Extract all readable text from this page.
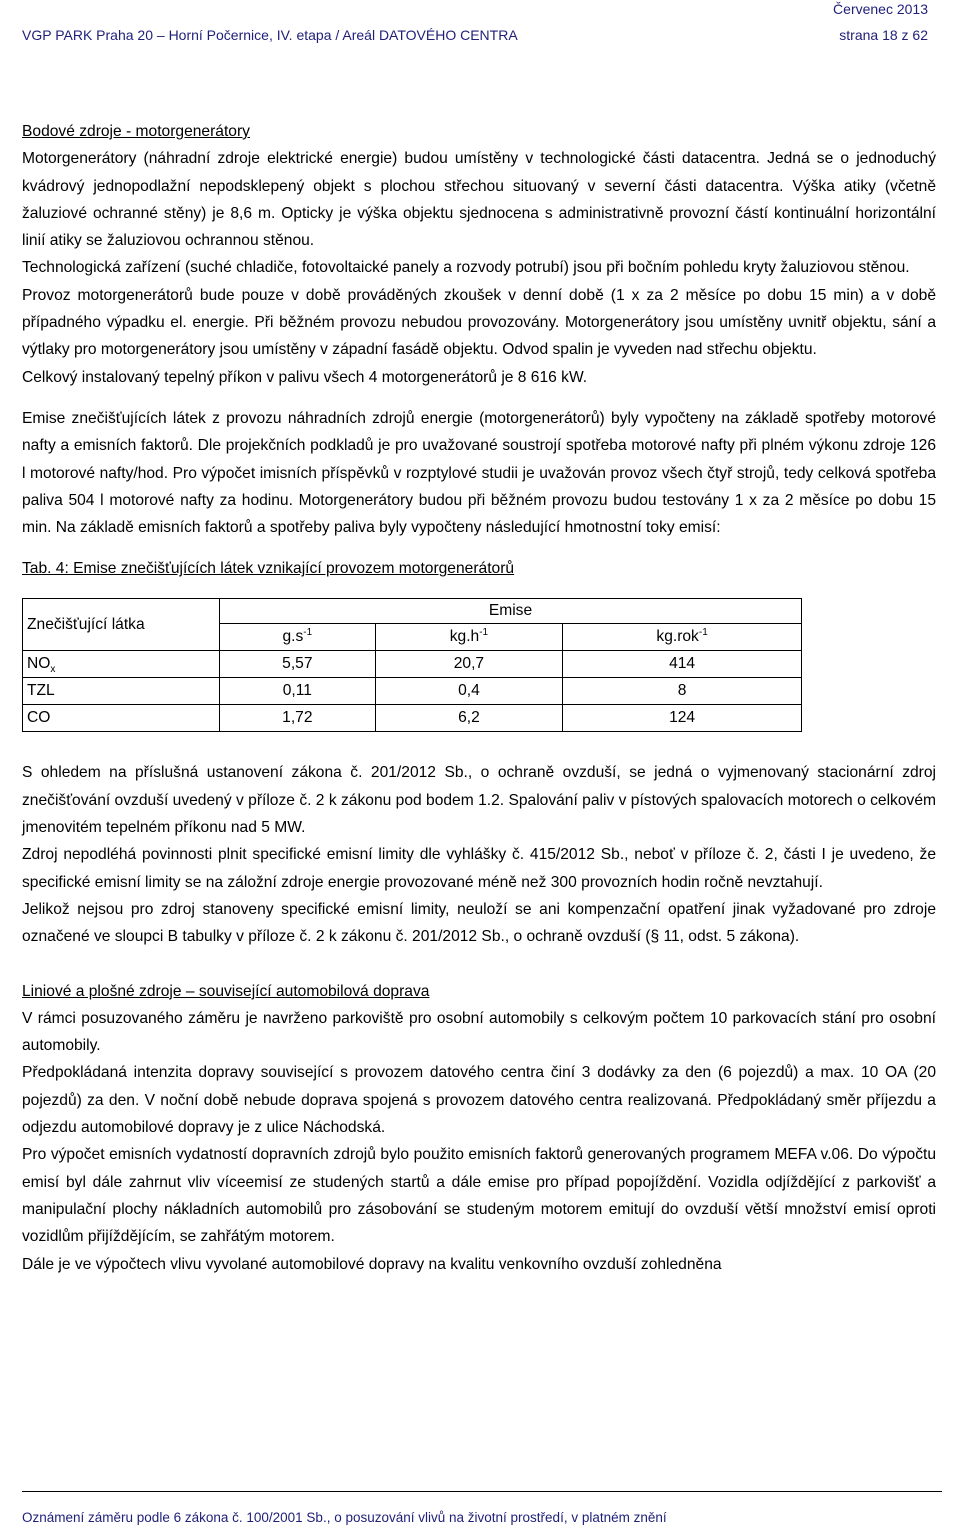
Červenec 2013
VGP PARK Praha 20 – Horní Počernice, IV. etapa / Areál DATOVÉHO CENTRA	strana 18 z 62

Bodové zdroje - motorgenerátory

Motorgenerátory (náhradní zdroje elektrické energie) budou umístěny v technologické části datacentra. Jedná se o jednoduchý kvádrový jednopodlažní nepodsklepený objekt s plochou střechou situovaný v severní části datacentra. Výška atiky (včetně žaluziové ochranné stěny) je 8,6 m. Opticky je výška objektu sjednocena s administrativně provozní částí kontinuální horizontální linií atiky se žaluziovou ochrannou stěnou.

Technologická zařízení (suché chladiče, fotovoltaické panely a rozvody potrubí) jsou při bočním pohledu kryty žaluziovou stěnou.

Provoz motorgenerátorů bude pouze v době prováděných zkoušek v denní době (1 x za 2 měsíce po dobu 15 min) a v době případného výpadku el. energie. Při běžném provozu nebudou provozovány. Motorgenerátory jsou umístěny uvnitř objektu, sání a výtlaky pro motorgenerátory jsou umístěny v západní fasádě objektu. Odvod spalin je vyveden nad střechu objektu.

Celkový instalovaný tepelný příkon v palivu všech 4 motorgenerátorů je 8 616 kW.

Emise znečišťujících látek z provozu náhradních zdrojů energie (motorgenerátorů) byly vypočteny na základě spotřeby motorové nafty a emisních faktorů. Dle projekčních podkladů je pro uvažované soustrojí spotřeba motorové nafty při plném výkonu zdroje 126 l motorové nafty/hod. Pro výpočet imisních příspěvků v rozptylové studii je uvažován provoz všech čtyř strojů, tedy celková spotřeba paliva 504 l motorové nafty za hodinu. Motorgenerátory budou při běžném provozu budou testovány 1 x za 2 měsíce po dobu 15 min. Na základě emisních faktorů a spotřeby paliva byly vypočteny následující hmotnostní toky emisí:

Tab. 4: Emise znečišťujících látek vznikající provozem motorgenerátorů

Znečišťující látka	Emise		
	$g.s^{-1}$	$kg.h^{-1}$	kg.rok$^{-1}$
$NO_x$	5,57	20,7	414
TZL	0,11	0,4	8
CO	1,72	6,2	124

S ohledem na příslušná ustanovení zákona č. 201/2012 Sb., o ochraně ovzduší, se jedná o vyjmenovaný stacionární zdroj znečišťování ovzduší uvedený v příloze č. 2 k zákonu pod bodem 1.2. Spalování paliv v pístových spalovacích motorech o celkovém jmenovitém tepelném příkonu nad 5 MW.

Zdroj nepodléhá povinnosti plnit specifické emisní limity dle vyhlášky č. 415/2012 Sb., neboť v příloze č. 2, části I je uvedeno, že specifické emisní limity se na záložní zdroje energie provozované méně než 300 provozních hodin ročně nevztahují.

Jelikož nejsou pro zdroj stanoveny specifické emisní limity, neuloží se ani kompenzační opatření jinak vyžadované pro zdroje označené ve sloupci B tabulky v příloze č. 2 k zákonu č. 201/2012 Sb., o ochraně ovzduší (§ 11, odst. 5 zákona).

Liniové a plošné zdroje – související automobilová doprava

V rámci posuzovaného záměru je navrženo parkoviště pro osobní automobily s celkovým počtem 10 parkovacích stání pro osobní automobily.

Předpokládaná intenzita dopravy související s provozem datového centra činí 3 dodávky za den (6 pojezdů) a max. 10 OA (20 pojezdů) za den. V noční době nebude doprava spojená s provozem datového centra realizovaná. Předpokládaný směr příjezdu a odjezdu automobilové dopravy je z ulice Náchodská.

Pro výpočet emisních vydatností dopravních zdrojů bylo použito emisních faktorů generovaných programem MEFA v.06. Do výpočtu emisí byl dále zahrnut vliv víceemisí ze studených startů a dále emise pro případ popojíždění. Vozidla odjíždějící z parkovišť a manipulační plochy nákladních automobilů pro zásobování se studeným motorem emitují do ovzduší větší množství emisí oproti vozidlům přijíždějícím, se zahřátým motorem.

Dále je ve výpočtech vlivu vyvolané automobilové dopravy na kvalitu venkovního ovzduší zohledněna

Oznámení záměru podle 6 zákona č. 100/2001 Sb., o posuzování vlivů na životní prostředí, v platném znění
